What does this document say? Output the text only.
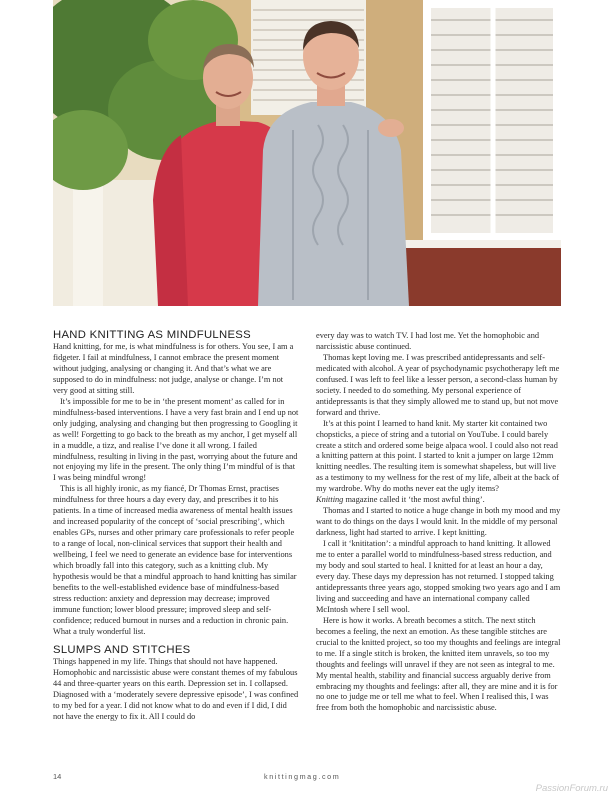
HAND KNITTING AS MINDFULNESS

Hand knitting, for me, is what mindfulness is for others. You see, I am a fidgeter. I fail at mindfulness, I cannot embrace the present moment without judging, analysing or changing it. And that’s what we are supposed to do in mindfulness: not judge, analyse or change. I’m not very good at sitting still.

It’s impossible for me to be in ‘the present moment’ as called for in mindfulness-based interventions. I have a very fast brain and I end up not only judging, analysing and changing but then progressing to Googling it as well! Forgetting to go back to the breath as my anchor, I get myself all in a muddle, a tizz, and realise I’ve done it all wrong. I failed mindfulness, resulting in living in the past, worrying about the future and not enjoying my life in the present. The only thing I’m mindful of is that I was being mindful wrong!

This is all highly ironic, as my fiancé, Dr Thomas Ernst, practises mindfulness for three hours a day every day, and prescribes it to his patients. In a time of increased media awareness of mental health issues and increased popularity of the concept of ‘social prescribing’, which enables GPs, nurses and other primary care professionals to refer people to a range of local, non-clinical services that support their health and wellbeing, I feel we need to generate an evidence base for interventions which broadly fall into this category, such as a knitting club. My hypothesis would be that a mindful approach to hand knitting has similar benefits to the well-established evidence base of mindfulness-based stress reduction: anxiety and depression may decrease; improved immune function; lower blood pressure; improved sleep and self-confidence; reduced burnout in nurses and a reduction in chronic pain. What a truly wonderful list.

SLUMPS AND STITCHES

Things happened in my life. Things that should not have happened. Homophobic and narcissistic abuse were constant themes of my fabulous 44 and three-quarter years on this earth. Depression set in. I collapsed. Diagnosed with a ‘moderately severe depressive episode’, I was confined to my bed for a year. I did not know what to do and even if I did, I did not have the energy to fix it. All I could do

every day was to watch TV. I had lost me. Yet the homophobic and narcissistic abuse continued.

Thomas kept loving me. I was prescribed antidepressants and self-medicated with alcohol. A year of psychodynamic psychotherapy left me confused. I was left to feel like a lesser person, a second-class human by society. I needed to do something. My personal experience of antidepressants is that they simply allowed me to stand up, but not move forward and thrive.

It’s at this point I learned to hand knit. My starter kit contained two chopsticks, a piece of string and a tutorial on YouTube. I could barely create a stitch and ordered some beige alpaca wool. I could also not read a knitting pattern at this point. I started to knit a jumper on large 12mm knitting needles. The resulting item is somewhat shapeless, but will live as a testimony to my wellness for the rest of my life, albeit at the back of my wardrobe. Why do moths never eat the ugly items?

Knitting magazine called it ‘the most awful thing’.

Thomas and I started to notice a huge change in both my mood and my want to do things on the days I would knit. In the middle of my personal darkness, light had started to arrive. I kept knitting.

I call it ‘knititation’: a mindful approach to hand knitting. It allowed me to enter a parallel world to mindfulness-based stress reduction, and my body and soul started to heal. I knitted for at least an hour a day, every day. These days my depression has not returned. I stopped taking antidepressants three years ago, stopped smoking two years ago and I am living and succeeding and have an international company called McIntosh where I sell wool.

Here is how it works. A breath becomes a stitch. The next stitch becomes a feeling, the next an emotion. As these tangible stitches are crucial to the knitted project, so too my thoughts and feelings are integral to me. If a single stitch is broken, the knitted item unravels, so too my thoughts and feelings will unravel if they are not seen as integral to me. My mental health, stability and financial success arguably derive from embracing my thoughts and feelings: after all, they are mine and it is for no one to judge me or tell me what to feel. When I realised this, I was free from both the homophobic and narcissistic abuse.

14	knittingmag.com
PassionForum.ru
